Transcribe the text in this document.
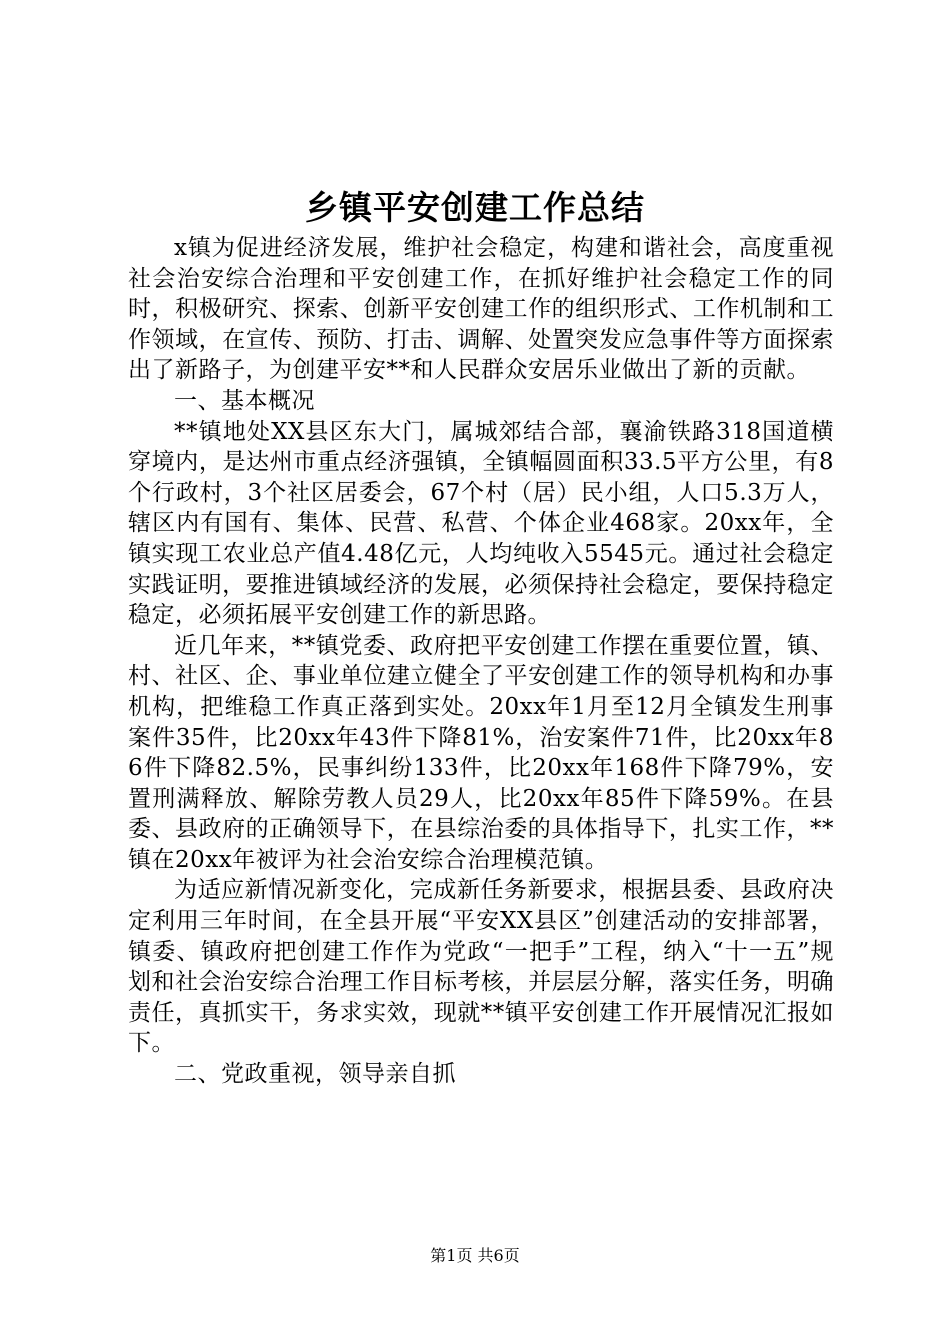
乡镇平安创建工作总结

x镇为促进经济发展，维护社会稳定，构建和谐社会，高度重视社会治安综合治理和平安创建工作，在抓好维护社会稳定工作的同时，积极研究、探索、创新平安创建工作的组织形式、工作机制和工作领域，在宣传、预防、打击、调解、处置突发应急事件等方面探索出了新路子，为创建平安**和人民群众安居乐业做出了新的贡献。

一、基本概况

**镇地处XX县区东大门，属城郊结合部，襄渝铁路318国道横穿境内，是达州市重点经济强镇，全镇幅圆面积33.5平方公里，有8个行政村，3个社区居委会，67个村（居）民小组，人口5.3万人，辖区内有国有、集体、民营、私营、个体企业468家。20xx年，全镇实现工农业总产值4.48亿元，人均纯收入5545元。通过社会稳定实践证明，要推进镇域经济的发展，必须保持社会稳定，要保持稳定稳定，必须拓展平安创建工作的新思路。

近几年来，**镇党委、政府把平安创建工作摆在重要位置，镇、村、社区、企、事业单位建立健全了平安创建工作的领导机构和办事机构，把维稳工作真正落到实处。20xx年1月至12月全镇发生刑事案件35件，比20xx年43件下降81%，治安案件71件，比20xx年86件下降82.5%，民事纠纷133件，比20xx年168件下降79%，安置刑满释放、解除劳教人员29人，比20xx年85件下降59%。在县委、县政府的正确领导下，在县综治委的具体指导下，扎实工作，**镇在20xx年被评为社会治安综合治理模范镇。

为适应新情况新变化，完成新任务新要求，根据县委、县政府决定利用三年时间，在全县开展“平安XX县区”创建活动的安排部署，镇委、镇政府把创建工作作为党政“一把手”工程，纳入“十一五”规划和社会治安综合治理工作目标考核，并层层分解，落实任务，明确责任，真抓实干，务求实效，现就**镇平安创建工作开展情况汇报如下。

二、党政重视，领导亲自抓

第1页 共6页
